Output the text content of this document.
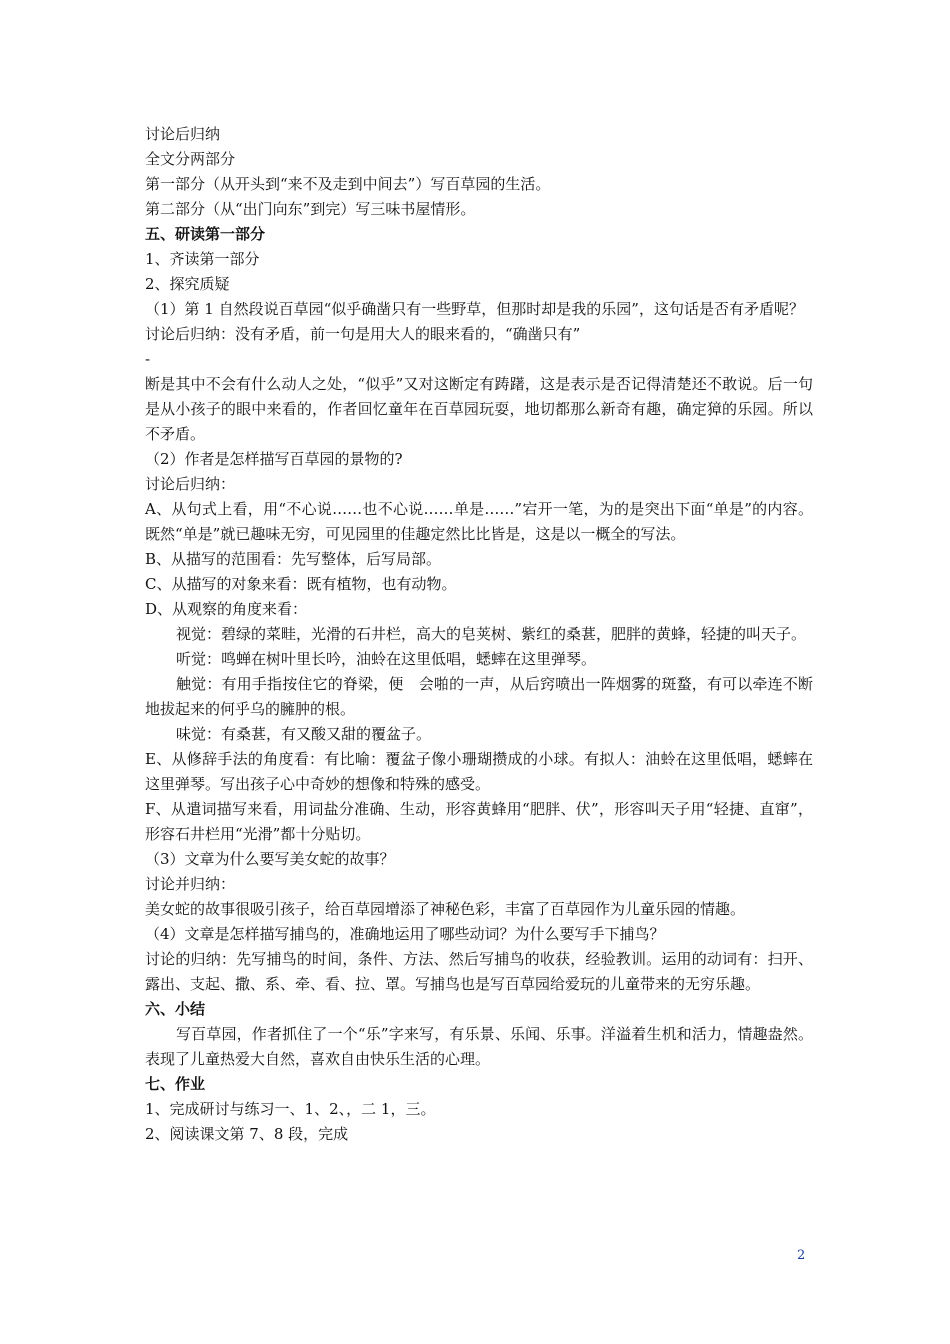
讨论后归纳

全文分两部分

第一部分（从开头到“来不及走到中间去”）写百草园的生活。

第二部分（从“出门向东”到完）写三味书屋情形。

五、研读第一部分

1、齐读第一部分

2、探究质疑

（1）第 1 自然段说百草园“似乎确凿只有一些野草，但那时却是我的乐园”，这句话是否有矛盾呢？

讨论后归纳：没有矛盾，前一句是用大人的眼来看的，“确凿只有”

-

断是其中不会有什么动人之处，“似乎”又对这断定有踌躇，这是表示是否记得清楚还不敢说。后一句是从小孩子的眼中来看的，作者回忆童年在百草园玩耍，地切都那么新奇有趣，确定獐的乐园。所以不矛盾。

（2）作者是怎样描写百草园的景物的?

讨论后归纳：

A、从句式上看，用“不心说……也不心说……单是……”宕开一笔，为的是突出下面“单是”的内容。既然“单是”就已趣味无穷，可见园里的佳趣定然比比皆是，这是以一概全的写法。

B、从描写的范围看：先写整体，后写局部。

C、从描写的对象来看：既有植物，也有动物。

D、从观察的角度来看：

视觉：碧绿的菜畦，光滑的石井栏，高大的皂荚树、紫红的桑葚，肥胖的黄蜂，轻捷的叫天子。

听觉：鸣蝉在树叶里长吟，油蛉在这里低唱，蟋蟀在这里弹琴。

触觉：有用手指按住它的脊梁，便　会啪的一声，从后窍喷出一阵烟雾的斑蝥，有可以牵连不断地拔起来的何乎乌的臃肿的根。

味觉：有桑葚，有又酸又甜的覆盆子。

E、从修辞手法的角度看：有比喻：覆盆子像小珊瑚攒成的小球。有拟人：油蛉在这里低唱，蟋蟀在这里弹琴。写出孩子心中奇妙的想像和特殊的感受。

F、从遣词描写来看，用词盐分准确、生动，形容黄蜂用“肥胖、伏”，形容叫天子用“轻捷、直窜”，形容石井栏用“光滑”都十分贴切。

（3）文章为什么要写美女蛇的故事？

讨论并归纳：

美女蛇的故事很吸引孩子，给百草园增添了神秘色彩，丰富了百草园作为儿童乐园的情趣。

（4）文章是怎样描写捕鸟的，准确地运用了哪些动词？为什么要写手下捕鸟？

讨论的归纳：先写捕鸟的时间，条件、方法、然后写捕鸟的收获，经验教训。运用的动词有：扫开、露出、支起、撒、系、牵、看、拉、罩。写捕鸟也是写百草园给爱玩的儿童带来的无穷乐趣。

六、小结

写百草园，作者抓住了一个“乐”字来写，有乐景、乐闻、乐事。洋溢着生机和活力，情趣盎然。表现了儿童热爱大自然，喜欢自由快乐生活的心理。

七、作业

1、完成研讨与练习一、1、2、，二 1，三。

2、阅读课文第 7、8 段，完成

2
